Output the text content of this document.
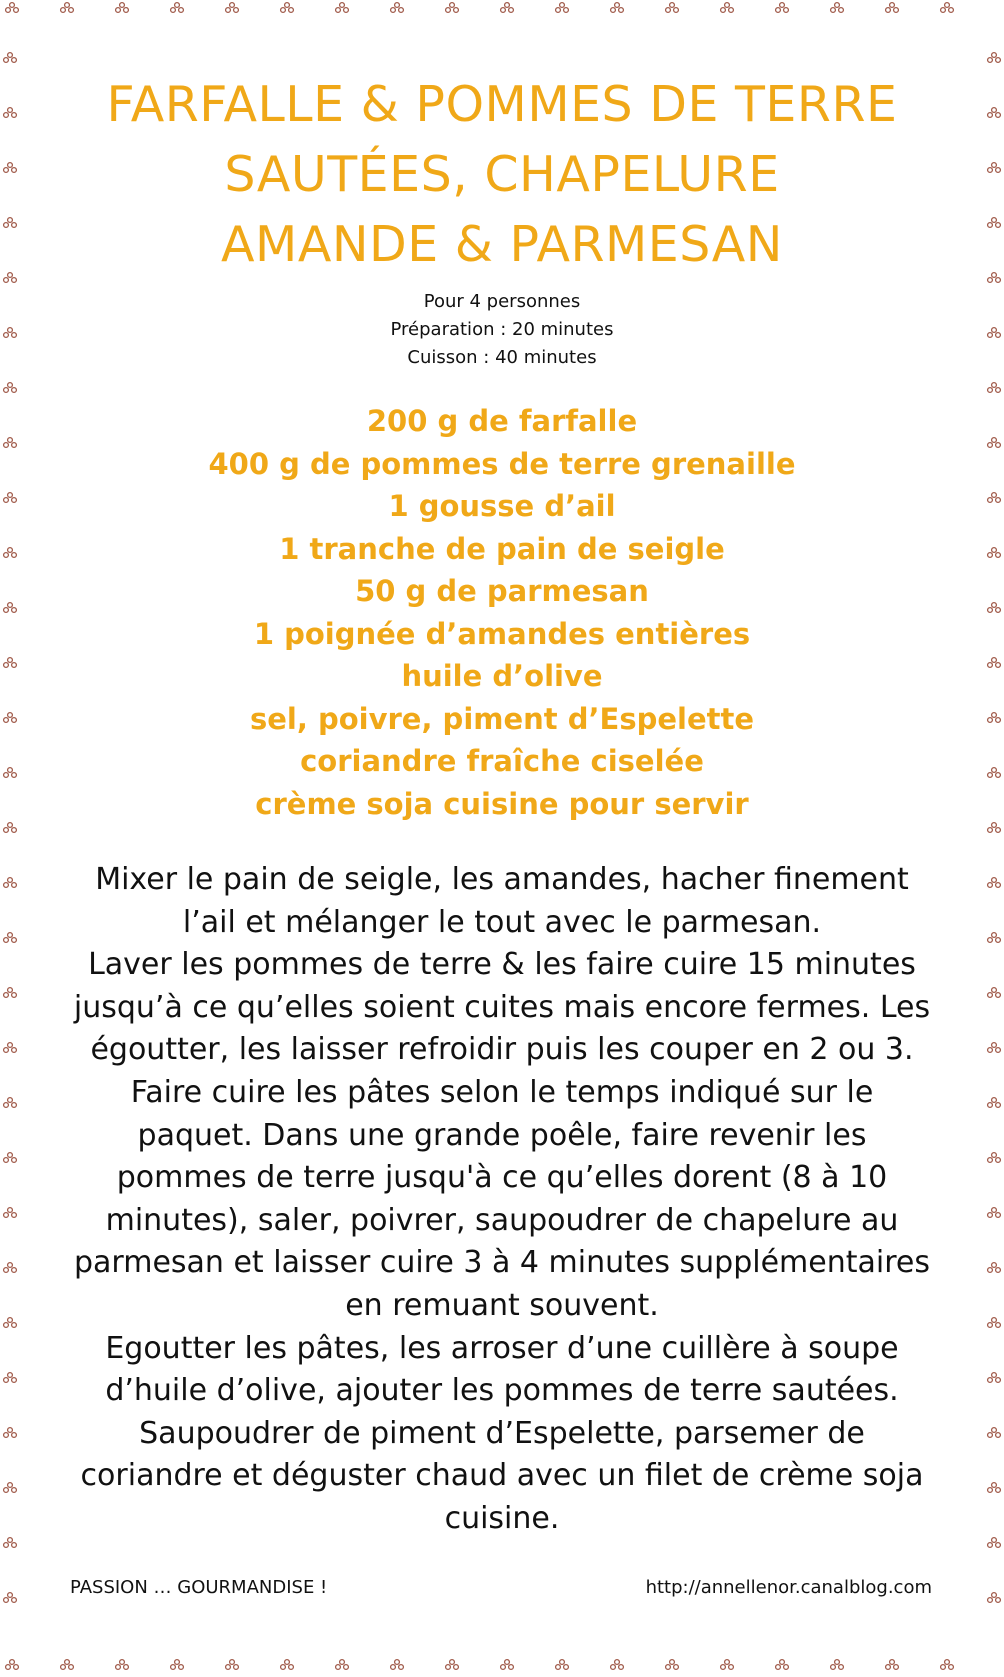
FARFALLE & POMMES DE TERRE
SAUTÉES, CHAPELURE
AMANDE & PARMESAN
Pour 4 personnes
Préparation : 20 minutes
Cuisson : 40 minutes
200 g de farfalle
400 g de pommes de terre grenaille
1 gousse d’ail
1 tranche de pain de seigle
50 g de parmesan
1 poignée d’amandes entières
huile d’olive
sel, poivre, piment d’Espelette
coriandre fraîche ciselée
crème soja cuisine pour servir
Mixer le pain de seigle, les amandes, hacher finement
l’ail et mélanger le tout avec le parmesan.
Laver les pommes de terre & les faire cuire 15 minutes
jusqu’à ce qu’elles soient cuites mais encore fermes. Les
égoutter, les laisser refroidir puis les couper en 2 ou 3.
Faire cuire les pâtes selon le temps indiqué sur le
paquet. Dans une grande poêle, faire revenir les
pommes de terre jusqu'à ce qu’elles dorent (8 à 10
minutes), saler, poivrer, saupoudrer de chapelure au
parmesan et laisser cuire 3 à 4 minutes supplémentaires
en remuant souvent.
Egoutter les pâtes, les arroser d’une cuillère à soupe
d’huile d’olive, ajouter les pommes de terre sautées.
Saupoudrer de piment d’Espelette, parsemer de
coriandre et déguster chaud avec un filet de crème soja
cuisine.
PASSION … GOURMANDISE !	http://annellenor.canalblog.com
